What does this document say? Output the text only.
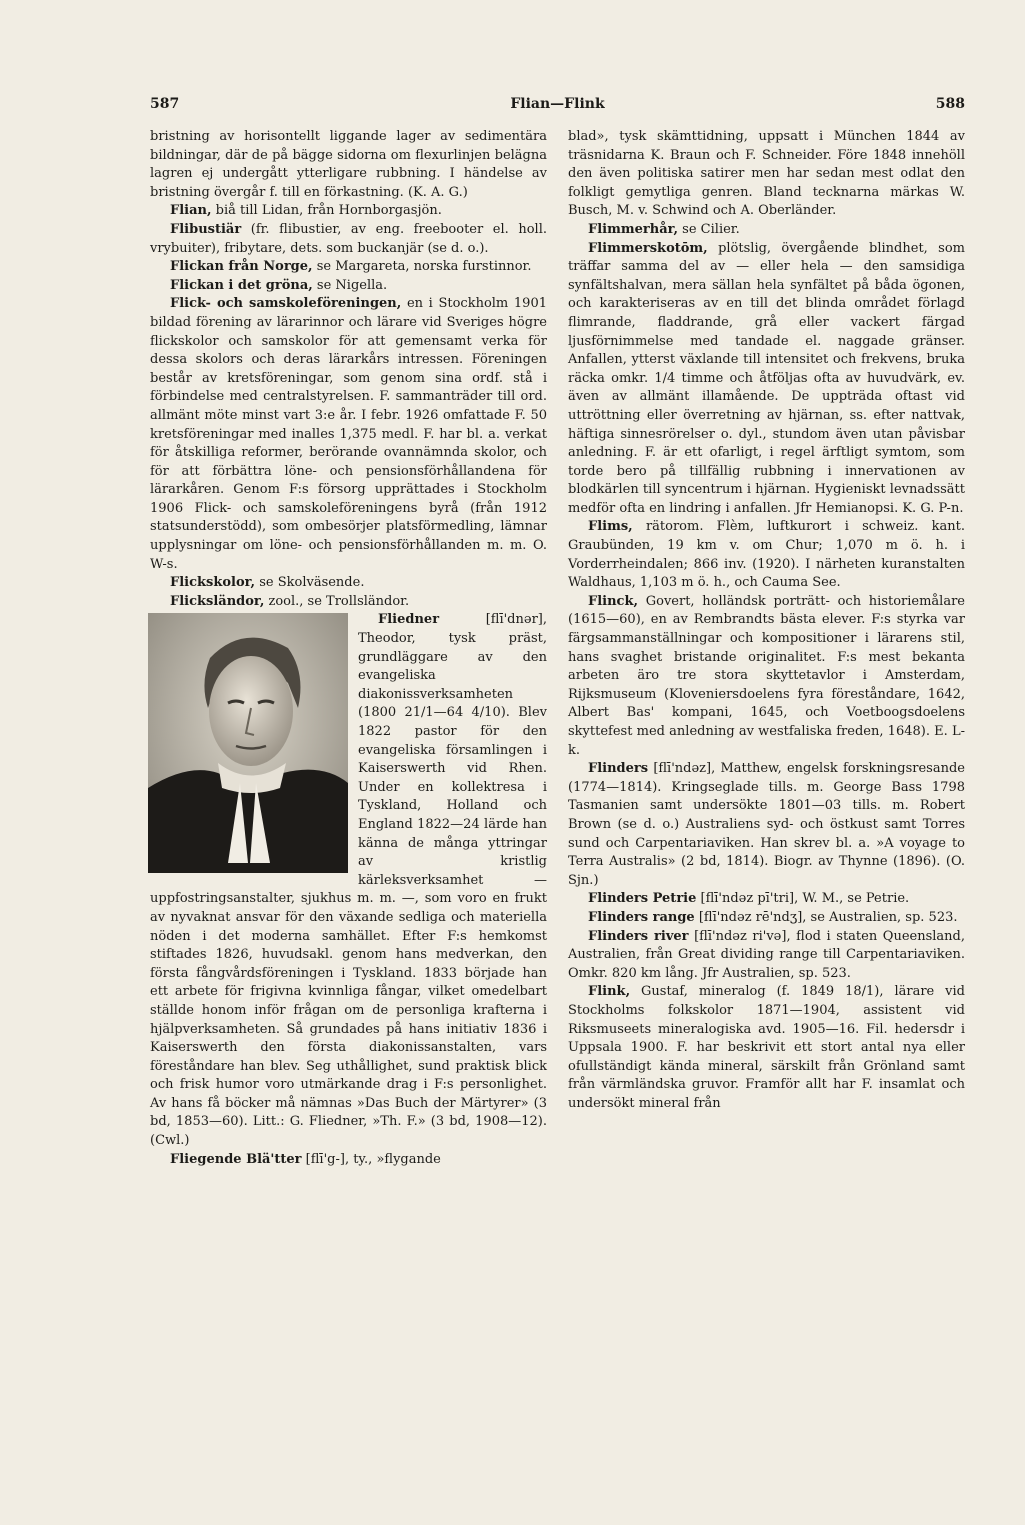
587	Flian—Flink	588

bristning av horisontellt liggande lager av sedimentära bildningar, där de på bägge sidorna om flexurlinjen belägna lagren ej undergått ytterligare rubbning. I händelse av bristning övergår f. till en förkastning. (K. A. G.)

Flian, biå till Lidan, från Hornborgasjön.

Flibustiär (fr. flibustier, av eng. freebooter el. holl. vrybuiter), fribytare, dets. som buckanjär (se d. o.).

Flickan från Norge, se Margareta, norska furstinnor.

Flickan i det gröna, se Nigella.

Flick- och samskoleföreningen, en i Stockholm 1901 bildad förening av lärarinnor och lärare vid Sveriges högre flickskolor och samskolor för att gemensamt verka för dessa skolors och deras lärarkårs intressen. Föreningen består av kretsföreningar, som genom sina ordf. stå i förbindelse med centralstyrelsen. F. sammanträder till ord. allmänt möte minst vart 3:e år. I febr. 1926 omfattade F. 50 kretsföreningar med inalles 1,375 medl. F. har bl. a. verkat för åtskilliga reformer, berörande ovannämnda skolor, och för att förbättra löne- och pensionsförhållandena för lärarkåren. Genom F:s försorg upprättades i Stockholm 1906 Flick- och samskoleföreningens byrå (från 1912 statsunderstödd), som ombesörjer platsförmedling, lämnar upplysningar om löne- och pensionsförhållanden m. m. O. W-s.

Flickskolor, se Skolväsende.

Flicksländor, zool., se Trollsländor.

Fliedner [flī'dnər], Theodor, tysk präst, grundläggare av den evangeliska diakonissverksamheten (1800 21/1—64 4/10). Blev 1822 pastor för den evangeliska församlingen i Kaiserswerth vid Rhen. Under en kollektresa i Tyskland, Holland och England 1822—24 lärde han känna de många yttringar av kristlig kärleksverksamhet — uppfostringsanstalter, sjukhus m. m. —, som voro en frukt av nyvaknat ansvar för den växande sedliga och materiella nöden i det moderna samhället. Efter F:s hemkomst stiftades 1826, huvudsakl. genom hans medverkan, den första fångvårdsföreningen i Tyskland. 1833 började han ett arbete för frigivna kvinnliga fångar, vilket omedelbart ställde honom inför frågan om de personliga krafterna i hjälpverksamheten. Så grundades på hans initiativ 1836 i Kaiserswerth den första diakonissanstalten, vars föreståndare han blev. Seg uthållighet, sund praktisk blick och frisk humor voro utmärkande drag i F:s personlighet. Av hans få böcker må nämnas »Das Buch der Märtyrer» (3 bd, 1853—60). Litt.: G. Fliedner, »Th. F.» (3 bd, 1908—12). (Cwl.)

Fliegende Blä'tter [flī'g-], ty., »flygande

blad», tysk skämttidning, uppsatt i München 1844 av träsnidarna K. Braun och F. Schneider. Före 1848 innehöll den även politiska satirer men har sedan mest odlat den folkligt gemytliga genren. Bland tecknarna märkas W. Busch, M. v. Schwind och A. Oberländer.

Flimmerhår, se Cilier.

Flimmerskotōm, plötslig, övergående blindhet, som träffar samma del av — eller hela — den samsidiga synfältshalvan, mera sällan hela synfältet på båda ögonen, och karakteriseras av en till det blinda området förlagd flimrande, fladdrande, grå eller vackert färgad ljusförnimmelse med tandade el. naggade gränser. Anfallen, ytterst växlande till intensitet och frekvens, bruka räcka omkr. 1/4 timme och åtföljas ofta av huvudvärk, ev. även av allmänt illamående. De uppträda oftast vid uttröttning eller överretning av hjärnan, ss. efter nattvak, häftiga sinnesrörelser o. dyl., stundom även utan påvisbar anledning. F. är ett ofarligt, i regel ärftligt symtom, som torde bero på tillfällig rubbning i innervationen av blodkärlen till syncentrum i hjärnan. Hygieniskt levnadssätt medför ofta en lindring i anfallen. Jfr Hemianopsi. K. G. P-n.

Flims, rätorom. Flèm, luftkurort i schweiz. kant. Graubünden, 19 km v. om Chur; 1,070 m ö. h. i Vorderrheindalen; 866 inv. (1920). I närheten kuranstalten Waldhaus, 1,103 m ö. h., och Cauma See.

Flinck, Govert, holländsk porträtt- och historiemålare (1615—60), en av Rembrandts bästa elever. F:s styrka var färgsammanställningar och kompositioner i lärarens stil, hans svaghet bristande originalitet. F:s mest bekanta arbeten äro tre stora skyttetavlor i Amsterdam, Rijksmuseum (Kloveniersdoelens fyra föreståndare, 1642, Albert Bas' kompani, 1645, och Voetboogsdoelens skyttefest med anledning av westfaliska freden, 1648). E. L-k.

Flinders [flī'ndəz], Matthew, engelsk forskningsresande (1774—1814). Kringseglade tills. m. George Bass 1798 Tasmanien samt undersökte 1801—03 tills. m. Robert Brown (se d. o.) Australiens syd- och östkust samt Torres sund och Carpentariaviken. Han skrev bl. a. »A voyage to Terra Australis» (2 bd, 1814). Biogr. av Thynne (1896). (O. Sjn.)

Flinders Petrie [flī'ndəz pī'tri], W. M., se Petrie.

Flinders range [flī'ndəz rē'ndʒ], se Australien, sp. 523.

Flinders river [flī'ndəz ri'və], flod i staten Queensland, Australien, från Great dividing range till Carpentariaviken. Omkr. 820 km lång. Jfr Australien, sp. 523.

Flink, Gustaf, mineralog (f. 1849 18/1), lärare vid Stockholms folkskolor 1871—1904, assistent vid Riksmuseets mineralogiska avd. 1905—16. Fil. hedersdr i Uppsala 1900. F. har beskrivit ett stort antal nya eller ofullständigt kända mineral, särskilt från Grönland samt från värmländska gruvor. Framför allt har F. insamlat och undersökt mineral från
